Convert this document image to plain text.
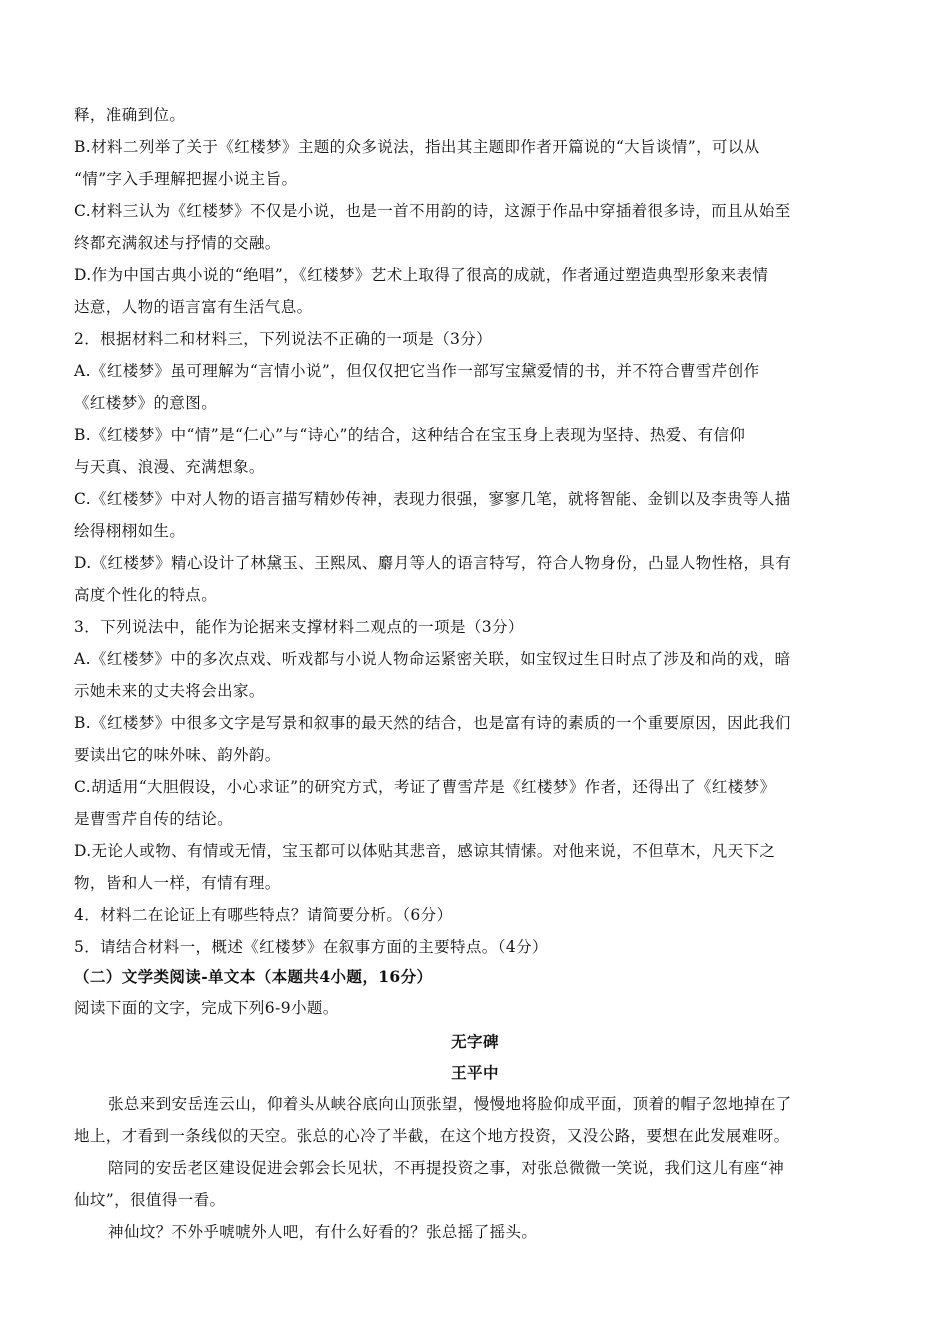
释，准确到位。
B.材料二列举了关于《红楼梦》主题的众多说法，指出其主题即作者开篇说的“大旨谈情”，可以从
“情”字入手理解把握小说主旨。
C.材料三认为《红楼梦》不仅是小说，也是一首不用韵的诗，这源于作品中穿插着很多诗，而且从始至
终都充满叙述与抒情的交融。
D.作为中国古典小说的“绝唱”，《红楼梦》艺术上取得了很高的成就，作者通过塑造典型形象来表情
达意，人物的语言富有生活气息。
2．根据材料二和材料三，下列说法不正确的一项是（3分）
A.《红楼梦》虽可理解为“言情小说”，但仅仅把它当作一部写宝黛爱情的书，并不符合曹雪芹创作
《红楼梦》的意图。
B.《红楼梦》中“情”是“仁心”与“诗心”的结合，这种结合在宝玉身上表现为坚持、热爱、有信仰
与天真、浪漫、充满想象。
C.《红楼梦》中对人物的语言描写精妙传神，表现力很强，寥寥几笔，就将智能、金钏以及李贵等人描
绘得栩栩如生。
D.《红楼梦》精心设计了林黛玉、王熙凤、麝月等人的语言特写，符合人物身份，凸显人物性格，具有
高度个性化的特点。
3．下列说法中，能作为论据来支撑材料二观点的一项是（3分）
A.《红楼梦》中的多次点戏、听戏都与小说人物命运紧密关联，如宝钗过生日时点了涉及和尚的戏，暗
示她未来的丈夫将会出家。
B.《红楼梦》中很多文字是写景和叙事的最天然的结合，也是富有诗的素质的一个重要原因，因此我们
要读出它的味外味、韵外韵。
C.胡适用“大胆假设，小心求证”的研究方式，考证了曹雪芹是《红楼梦》作者，还得出了《红楼梦》
是曹雪芹自传的结论。
D.无论人或物、有情或无情，宝玉都可以体贴其悲音，感谅其情愫。对他来说，不但草木，凡天下之
物，皆和人一样，有情有理。
4．材料二在论证上有哪些特点？请简要分析。（6分）
5．请结合材料一，概述《红楼梦》在叙事方面的主要特点。（4分）
（二）文学类阅读-单文本（本题共4小题，16分）
阅读下面的文字，完成下列6-9小题。
无字碑
王平中
张总来到安岳连云山，仰着头从峡谷底向山顶张望，慢慢地将脸仰成平面，顶着的帽子忽地掉在了
地上，才看到一条线似的天空。张总的心冷了半截，在这个地方投资，又没公路，要想在此发展难呀。
陪同的安岳老区建设促进会郭会长见状，不再提投资之事，对张总微微一笑说，我们这儿有座“神
仙坟”，很值得一看。
神仙坟？不外乎唬唬外人吧，有什么好看的？张总摇了摇头。
